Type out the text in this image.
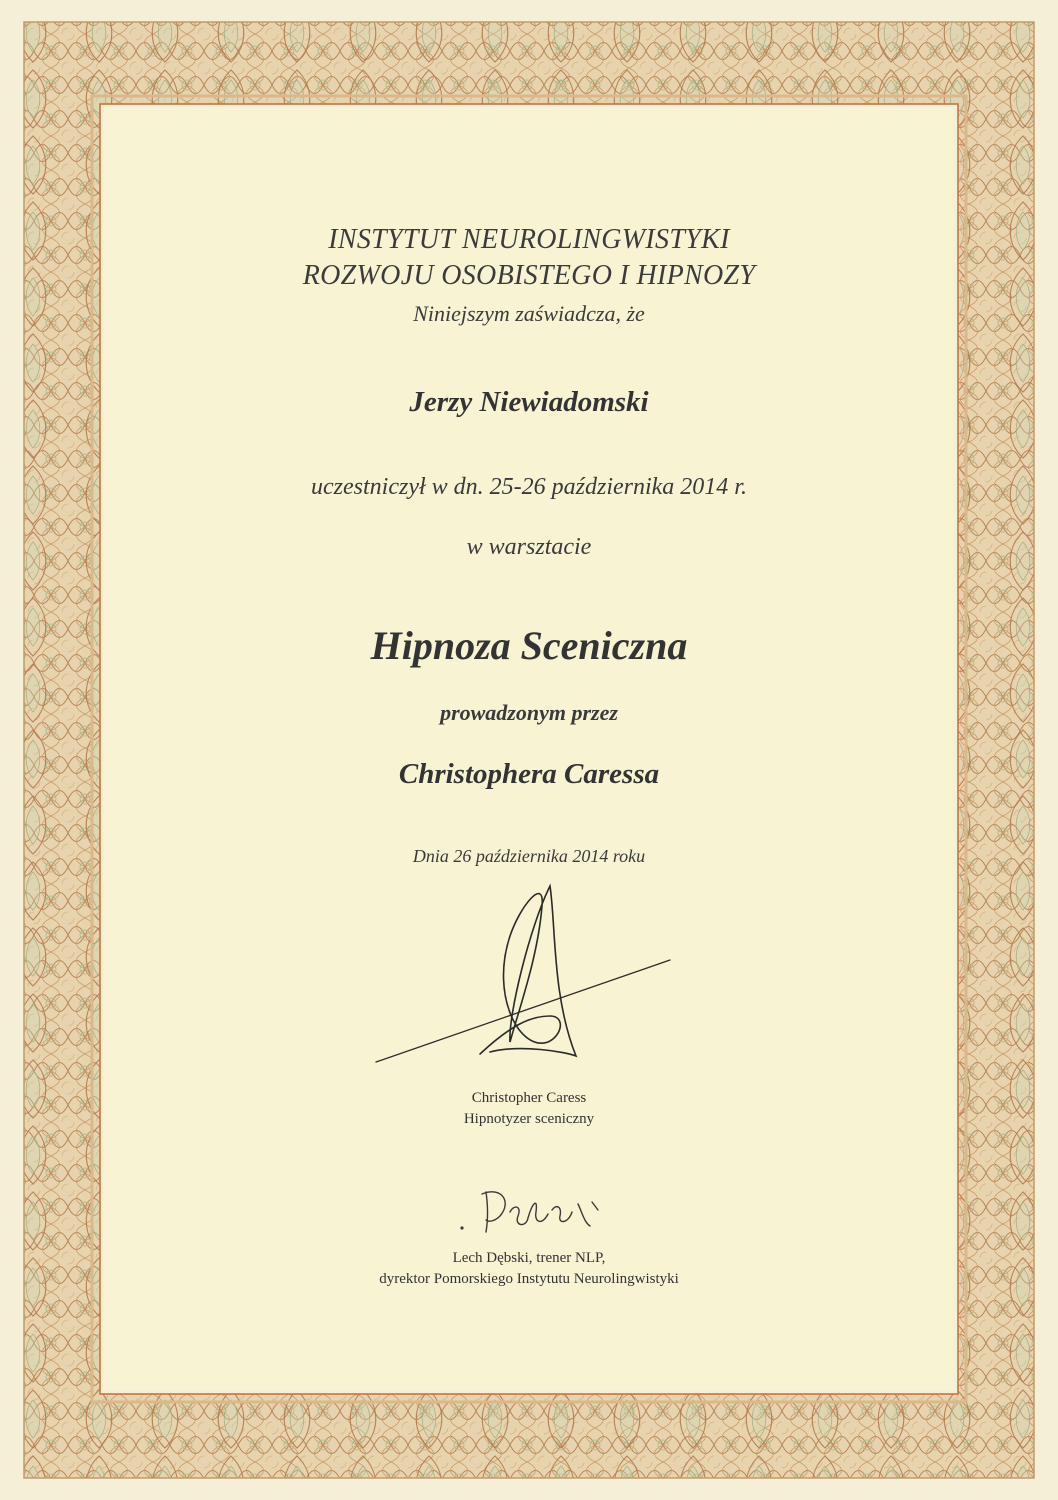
INSTYTUT NEUROLINGWISTYKI
ROZWOJU OSOBISTEGO I HIPNOZY
Niniejszym zaświadcza, że
Jerzy Niewiadomski
uczestniczył w dn. 25-26 października 2014 r.
w warsztacie
Hipnoza Sceniczna
prowadzonym przez
Christophera Caressa
Dnia 26 października 2014 roku
Christopher Caress
Hipnotyzer sceniczny
Lech Dębski, trener NLP,
dyrektor Pomorskiego Instytutu Neurolingwistyki
